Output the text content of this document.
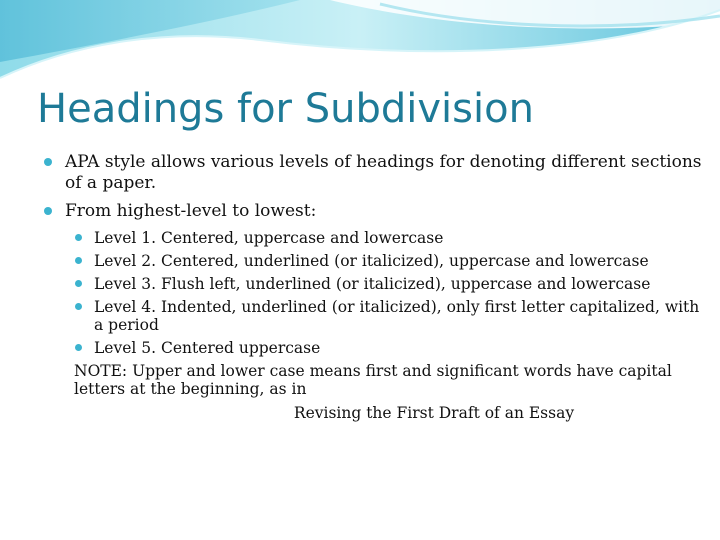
Headings for Subdivision
APA style allows various levels of headings for denoting different sections of a paper.
From highest-level to lowest:
Level 1. Centered, uppercase and lowercase
Level 2. Centered, underlined (or italicized), uppercase and lowercase
Level 3. Flush left, underlined (or italicized), uppercase and lowercase
Level 4. Indented, underlined (or italicized), only first letter capitalized, with a period
Level 5. Centered uppercase
NOTE: Upper and lower case means first and significant words have capital letters at the beginning, as in
Revising the First Draft of an Essay
